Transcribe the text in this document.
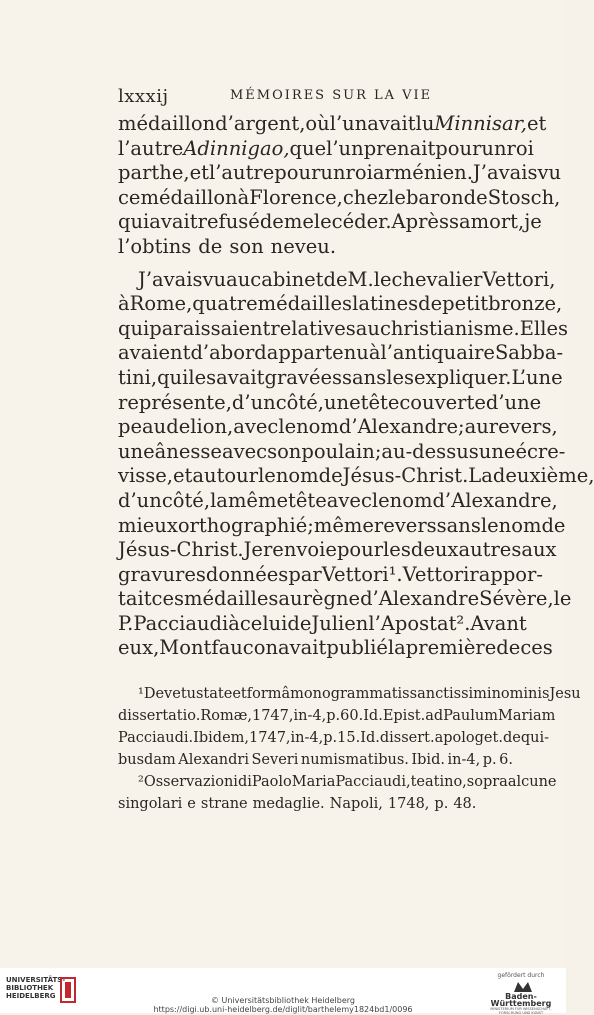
lxxxij	MÉMOIRES SUR LA VIE
médaillon d’argent, où l’un avait lu Minnisar, et
l’autre Adinnigao, que l’un prenait pour un roi
parthe , et l’autre pour un roi arménien. J’avais vu
ce médaillon à Florence, chez le baron de Stosch,
qui avait refusé de me le céder. Après sa mort, je
l’obtins de son neveu.
J’avais vu au cabinet de M. le chevalier Vettori,
à Rome, quatre médailles latines de petit bronze,
qui paraissaient relatives au christianisme. Elles
avaient d’abord appartenu à l’antiquaire Sabba-
tini, qui les avait gravées sans les expliquer. L’une
représente, d’un côté, une tête couverte d’une
peau de lion, avec le nom d’Alexandre; au revers,
une ânesse avec son poulain; au-dessus une écre-
visse, et autour le nom de Jésus-Christ. La deuxième,
d’un côté, la même tête avec le nom d’Alexandre,
mieux orthographié; même revers sans le nom de
Jésus-Christ. Je renvoie pour les deux autres aux
gravures données par Vettori ¹. Vettori rappor-
tait ces médailles au règne d’Alexandre Sévère, le
P. Pacciaudi à celui de Julien l’Apostat ². Avant
eux, Montfaucon avait publié la première de ces
¹ De vetustate et formâ monogrammatis sanctissimi nominis Jesu
dissertatio. Romæ, 1747, in-4, p. 60. Id. Epist. ad Paulum Mariam
Pacciaudi. Ibidem, 1747, in-4, p. 15. Id. dissert. apologet. de qui-
busdam Alexandri Severi numismatibus. Ibid. in-4, p. 6.
² Osservazioni di Paolo Maria Pacciaudi, teatino, sopra alcune
singolari e strane medaglie. Napoli, 1748, p. 48.
UNIVERSITÄTS-
BIBLIOTHEK
HEIDELBERG	© Universitätsbibliothek Heidelberg
https://digi.ub.uni-heidelberg.de/diglit/barthelemy1824bd1/0096
gefördert durch
Baden-Württemberg
MINISTERIUM FÜR WISSENSCHAFT, FORSCHUNG UND KUNST
